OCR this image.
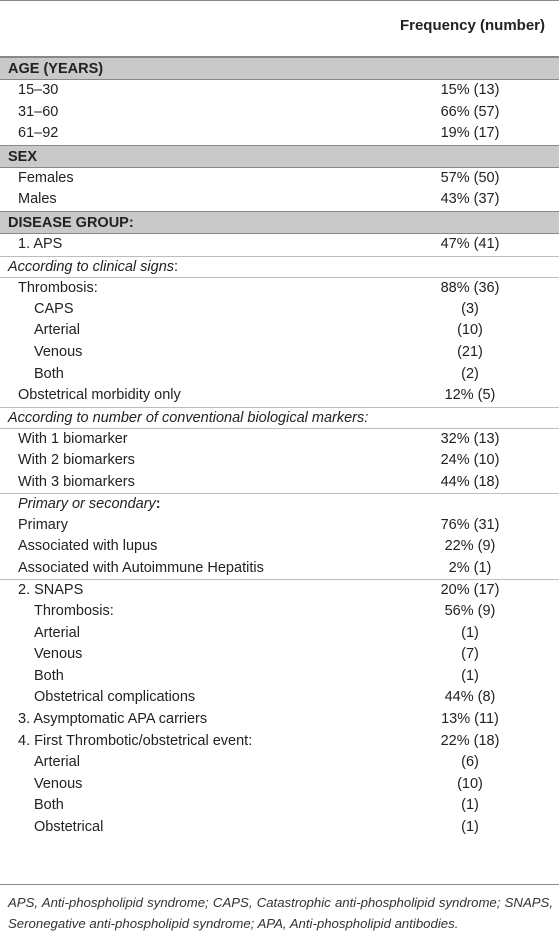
Frequency (number)
AGE (YEARS)
15–30	15% (13)
31–60	66% (57)
61–92	19% (17)
SEX
Females	57% (50)
Males	43% (37)
DISEASE GROUP:
1. APS	47% (41)
According to clinical signs:
Thrombosis:	88% (36)
CAPS	(3)
Arterial	(10)
Venous	(21)
Both	(2)
Obstetrical morbidity only	12% (5)
According to number of conventional biological markers:
With 1 biomarker	32% (13)
With 2 biomarkers	24% (10)
With 3 biomarkers	44% (18)
Primary or secondary:
Primary	76% (31)
Associated with lupus	22% (9)
Associated with Autoimmune Hepatitis	2% (1)
2. SNAPS	20% (17)
Thrombosis:	56% (9)
Arterial	(1)
Venous	(7)
Both	(1)
Obstetrical complications	44% (8)
3. Asymptomatic APA carriers	13% (11)
4. First Thrombotic/obstetrical event:	22% (18)
Arterial	(6)
Venous	(10)
Both	(1)
Obstetrical	(1)
APS, Anti-phospholipid syndrome; CAPS, Catastrophic anti-phospholipid syndrome; SNAPS, Seronegative anti-phospholipid syndrome; APA, Anti-phospholipid antibodies.
